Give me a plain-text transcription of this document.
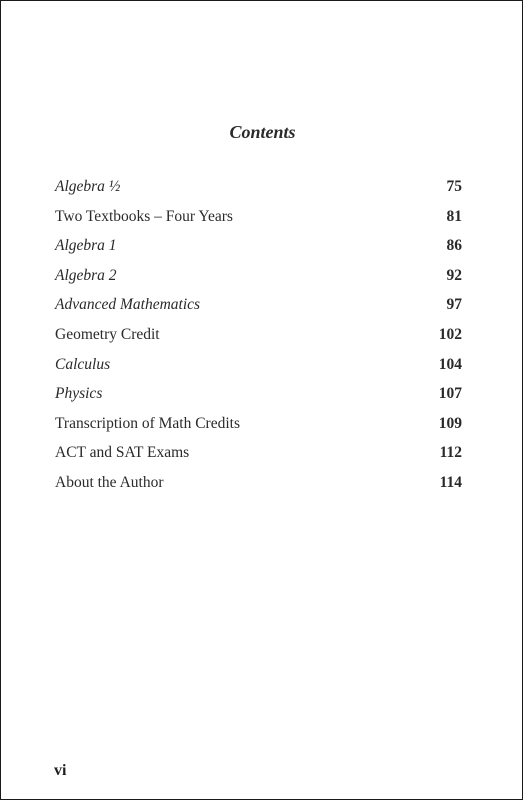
Contents
Algebra ½	75
Two Textbooks – Four Years	81
Algebra 1	86
Algebra 2	92
Advanced Mathematics	97
Geometry Credit	102
Calculus	104
Physics	107
Transcription of Math Credits	109
ACT and SAT Exams	112
About the Author	114
vi
